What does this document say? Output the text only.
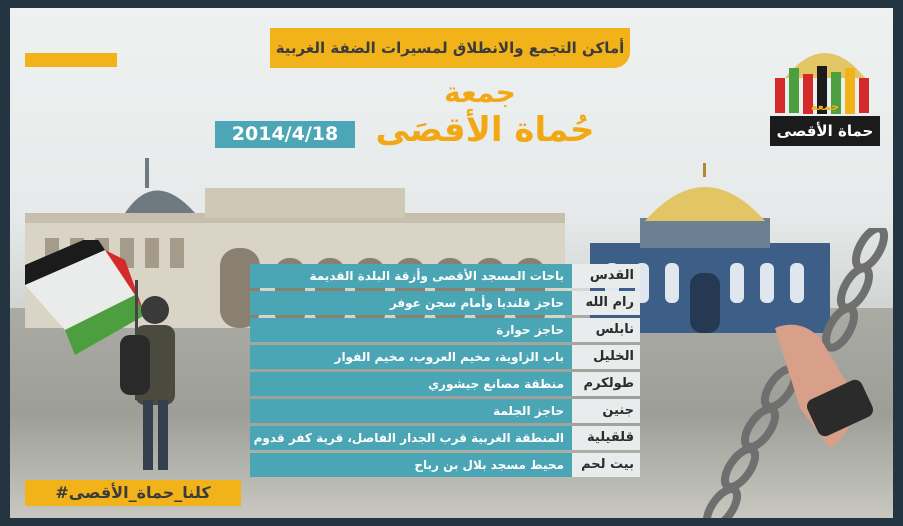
جمعة
حماة الأقصى
أماكن التجمع والانطلاق لمسيرات الضفة الغربية
جمعة
حُماة الأقصَى
2014/4/18
القدس
باحات المسجد الأقصى وأزقة البلدة القديمة
رام الله
حاجز قلنديا وأمام سجن عوفر
نابلس
حاجز حوارة
الخليل
باب الزاوية، مخيم العروب، مخيم الفوار
طولكرم
منطقة مصانع جيشوري
جنين
حاجز الجلمة
قلقيلية
المنطقة الغربية قرب الجدار الفاصل، قرية كفر قدوم
بيت لحم
محيط مسجد بلال بن رباح
#كلنا_حماة_الأقصى
